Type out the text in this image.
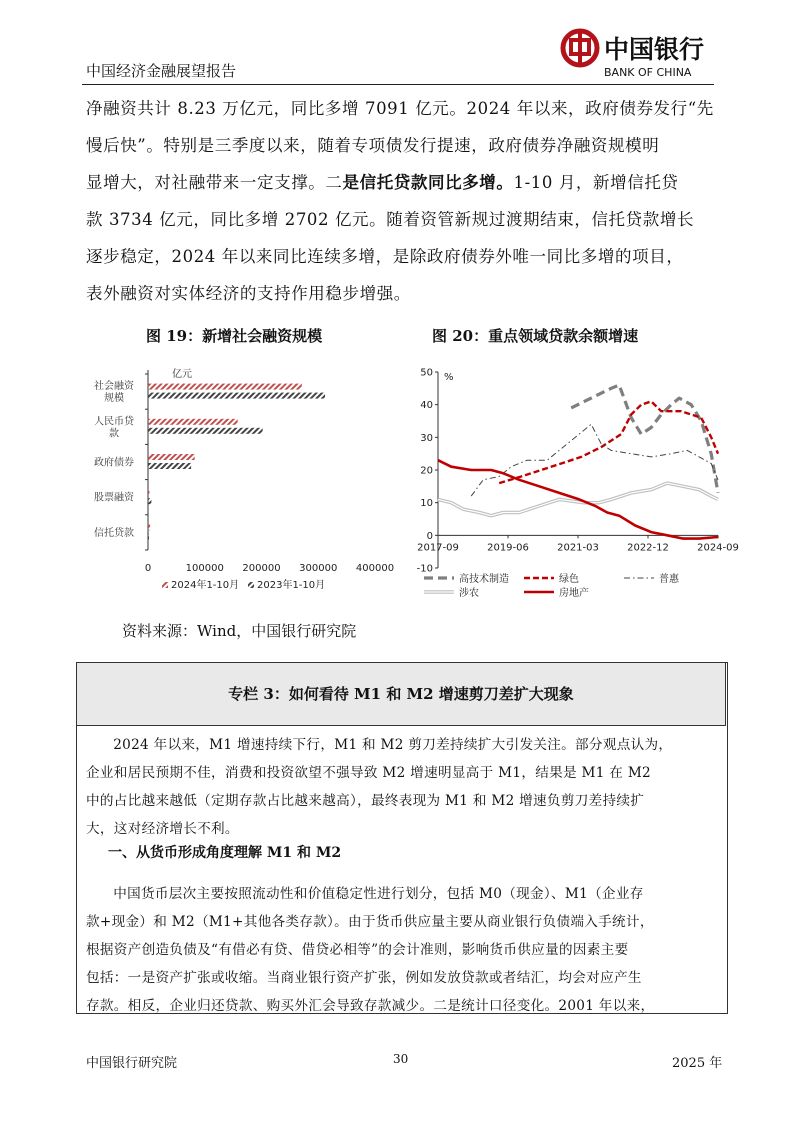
中国经济金融展望报告
中国银行
BANK OF CHINA
净融资共计 8.23 万亿元，同比多增 7091 亿元。2024 年以来，政府债券发行“先
慢后快”。特别是三季度以来，随着专项债发行提速，政府债券净融资规模明
显增大，对社融带来一定支撑。二是信托贷款同比多增。1-10 月，新增信托贷
款 3734 亿元，同比多增 2702 亿元。随着资管新规过渡期结束，信托贷款增长
逐步稳定，2024 年以来同比连续多增，是除政府债券外唯一同比多增的项目，
表外融资对实体经济的支持作用稳步增强。
图 19：新增社会融资规模	图 20：重点领域贷款余额增速
亿元
社会融资
规模
人民币贷
款
政府债券
股票融资
信托贷款
0	100000 200000 300000 400000
2024年1-10月 2023年1-10月
-10
0
10
20
30
40
50 %
2017-09	2019-06	2021-03	2022-12	2024-09
高技术制造	绿色	普惠
涉农	房地产
资料来源：Wind，中国银行研究院
专栏 3：如何看待 M1 和 M2 增速剪刀差扩大现象
2024 年以来，M1 增速持续下行，M1 和 M2 剪刀差持续扩大引发关注。部分观点认为，
企业和居民预期不佳，消费和投资欲望不强导致 M2 增速明显高于 M1，结果是 M1 在 M2
中的占比越来越低（定期存款占比越来越高），最终表现为 M1 和 M2 增速负剪刀差持续扩
大，这对经济增长不利。
一、从货币形成角度理解 M1 和 M2
中国货币层次主要按照流动性和价值稳定性进行划分，包括 M0（现金）、M1（企业存
款+现金）和 M2（M1+其他各类存款）。由于货币供应量主要从商业银行负债端入手统计，
根据资产创造负债及“有借必有贷、借贷必相等”的会计准则，影响货币供应量的因素主要
包括：一是资产扩张或收缩。当商业银行资产扩张，例如发放贷款或者结汇，均会对应产生
存款。相反，企业归还贷款、购买外汇会导致存款减少。二是统计口径变化。2001 年以来，
中国银行研究院	30	2025 年
